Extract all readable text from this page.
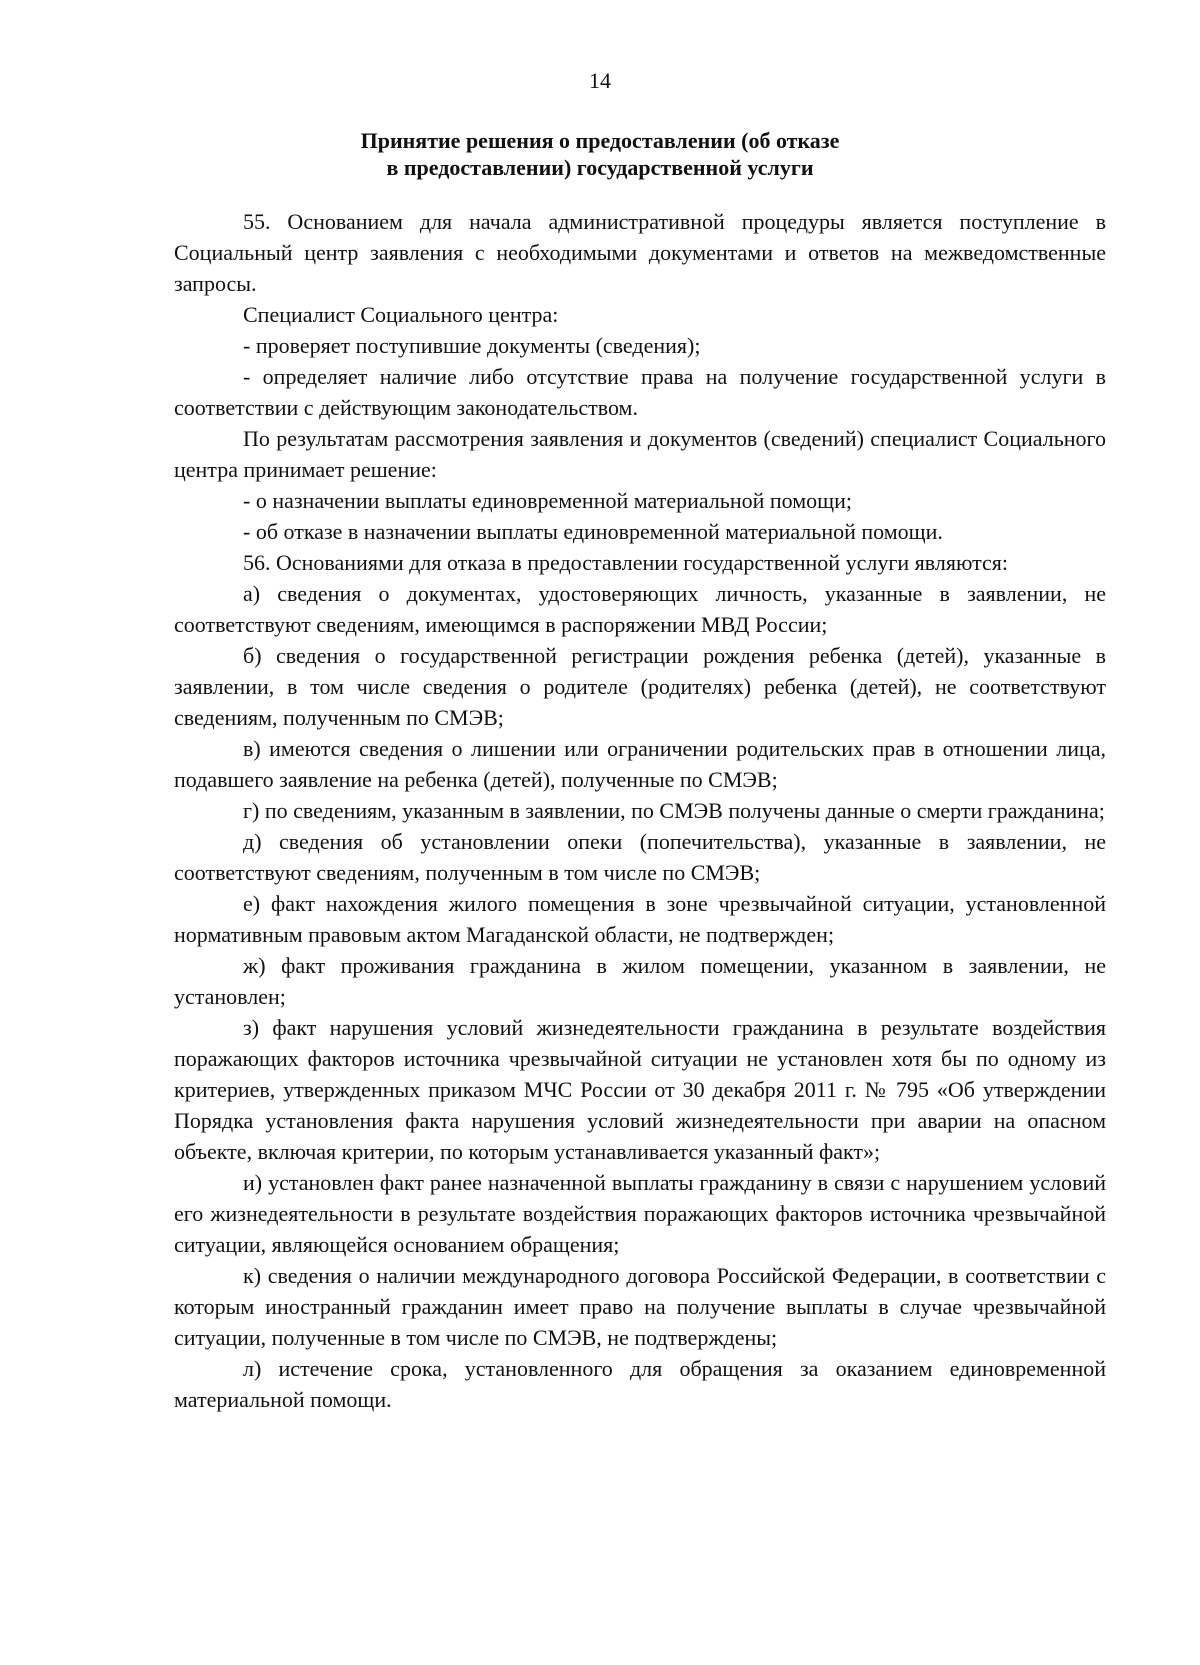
14
Принятие решения о предоставлении (об отказе
в предоставлении) государственной услуги

55. Основанием для начала административной процедуры является поступление в Социальный центр заявления с необходимыми документами и ответов на межведомственные запросы.

Специалист Социального центра:

- проверяет поступившие документы (сведения);

- определяет наличие либо отсутствие права на получение государственной услуги в соответствии с действующим законодательством.

По результатам рассмотрения заявления и документов (сведений) специалист Социального центра принимает решение:

- о назначении выплаты единовременной материальной помощи;

- об отказе в назначении выплаты единовременной материальной помощи.

56. Основаниями для отказа в предоставлении государственной услуги являются:

а) сведения о документах, удостоверяющих личность, указанные в заявлении, не соответствуют сведениям, имеющимся в распоряжении МВД России;

б) сведения о государственной регистрации рождения ребенка (детей), указанные в заявлении, в том числе сведения о родителе (родителях) ребенка (детей), не соответствуют сведениям, полученным по СМЭВ;

в) имеются сведения о лишении или ограничении родительских прав в отношении лица, подавшего заявление на ребенка (детей), полученные по СМЭВ;

г) по сведениям, указанным в заявлении, по СМЭВ получены данные о смерти гражданина;

д) сведения об установлении опеки (попечительства), указанные в заявлении, не соответствуют сведениям, полученным в том числе по СМЭВ;

е) факт нахождения жилого помещения в зоне чрезвычайной ситуации, установленной нормативным правовым актом Магаданской области, не подтвержден;

ж) факт проживания гражданина в жилом помещении, указанном в заявлении, не установлен;

з) факт нарушения условий жизнедеятельности гражданина в результате воздействия поражающих факторов источника чрезвычайной ситуации не установлен хотя бы по одному из критериев, утвержденных приказом МЧС России от 30 декабря 2011 г. № 795 «Об утверждении Порядка установления факта нарушения условий жизнедеятельности при аварии на опасном объекте, включая критерии, по которым устанавливается указанный факт»;

и) установлен факт ранее назначенной выплаты гражданину в связи с нарушением условий его жизнедеятельности в результате воздействия поражающих факторов источника чрезвычайной ситуации, являющейся основанием обращения;

к) сведения о наличии международного договора Российской Федерации, в соответствии с которым иностранный гражданин имеет право на получение выплаты в случае чрезвычайной ситуации, полученные в том числе по СМЭВ, не подтверждены;

л) истечение срока, установленного для обращения за оказанием единовременной материальной помощи.
